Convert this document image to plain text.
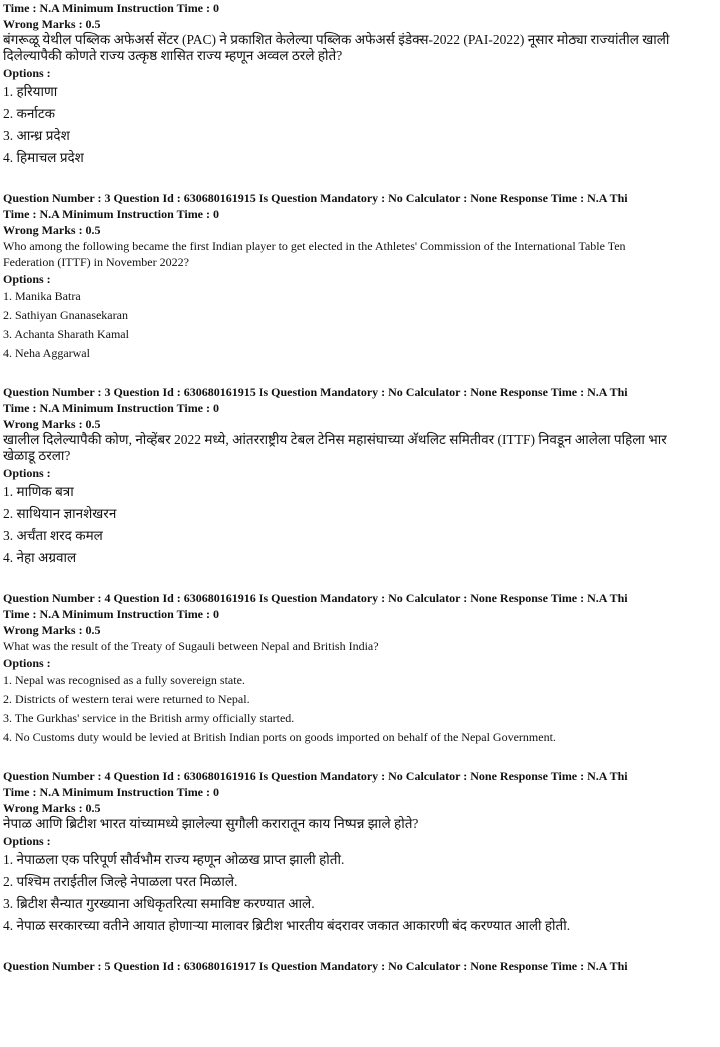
Time : N.A Minimum Instruction Time : 0
Wrong Marks : 0.5
बंगरूळू येथील पब्लिक अफेअर्स सेंटर (PAC) ने प्रकाशित केलेल्या पब्लिक अफेअर्स इंडेक्स-2022 (PAI-2022) नूसार मोठ्या राज्यांतील खाली
दिलेल्यापैकी कोणते राज्य उत्कृष्ठ शासित राज्य म्हणून अव्वल ठरले होते?
Options :
1. हरियाणा
2. कर्नाटक
3. आन्ध्र प्रदेश
4. हिमाचल प्रदेश
Question Number : 3 Question Id : 630680161915 Is Question Mandatory : No Calculator : None Response Time : N.A Thi
Time : N.A Minimum Instruction Time : 0
Wrong Marks : 0.5
Who among the following became the first Indian player to get elected in the Athletes' Commission of the International Table Ten
Federation (ITTF) in November 2022?
Options :
1. Manika Batra
2. Sathiyan Gnanasekaran
3. Achanta Sharath Kamal
4. Neha Aggarwal
Question Number : 3 Question Id : 630680161915 Is Question Mandatory : No Calculator : None Response Time : N.A Thi
Time : N.A Minimum Instruction Time : 0
Wrong Marks : 0.5
खालील दिलेल्यापैकी कोण, नोव्हेंबर 2022 मध्ये, आंतरराष्ट्रीय टेबल टेनिस महासंघाच्या अ‍ॅथलिट समितीवर (ITTF) निवडून आलेला पहिला भार
खेळाडू ठरला?
Options :
1. माणिक बत्रा
2. साथियान ज्ञानशेखरन
3. अर्चंता शरद कमल
4. नेहा अग्रवाल
Question Number : 4 Question Id : 630680161916 Is Question Mandatory : No Calculator : None Response Time : N.A Thi
Time : N.A Minimum Instruction Time : 0
Wrong Marks : 0.5
What was the result of the Treaty of Sugauli between Nepal and British India?
Options :
1. Nepal was recognised as a fully sovereign state.
2. Districts of western terai were returned to Nepal.
3. The Gurkhas' service in the British army officially started.
4. No Customs duty would be levied at British Indian ports on goods imported on behalf of the Nepal Government.
Question Number : 4 Question Id : 630680161916 Is Question Mandatory : No Calculator : None Response Time : N.A Thi
Time : N.A Minimum Instruction Time : 0
Wrong Marks : 0.5
नेपाळ आणि ब्रिटीश भारत यांच्यामध्ये झालेल्या सुगौली करारातून काय निष्पन्न झाले होते?
Options :
1. नेपाळला एक परिपूर्ण सौर्वभौम राज्य म्हणून ओळख प्राप्त झाली होती.
2. पश्चिम तराईतील जिल्हे नेपाळला परत मिळाले.
3. ब्रिटीश सैन्यात गुरख्याना अधिकृतरित्या समाविष्ट करण्यात आले.
4. नेपाळ सरकारच्या वतीने आयात होणाऱ्या मालावर ब्रिटीश भारतीय बंदरावर जकात आकारणी बंद करण्यात आली होती.
Question Number : 5 Question Id : 630680161917 Is Question Mandatory : No Calculator : None Response Time : N.A Thi
